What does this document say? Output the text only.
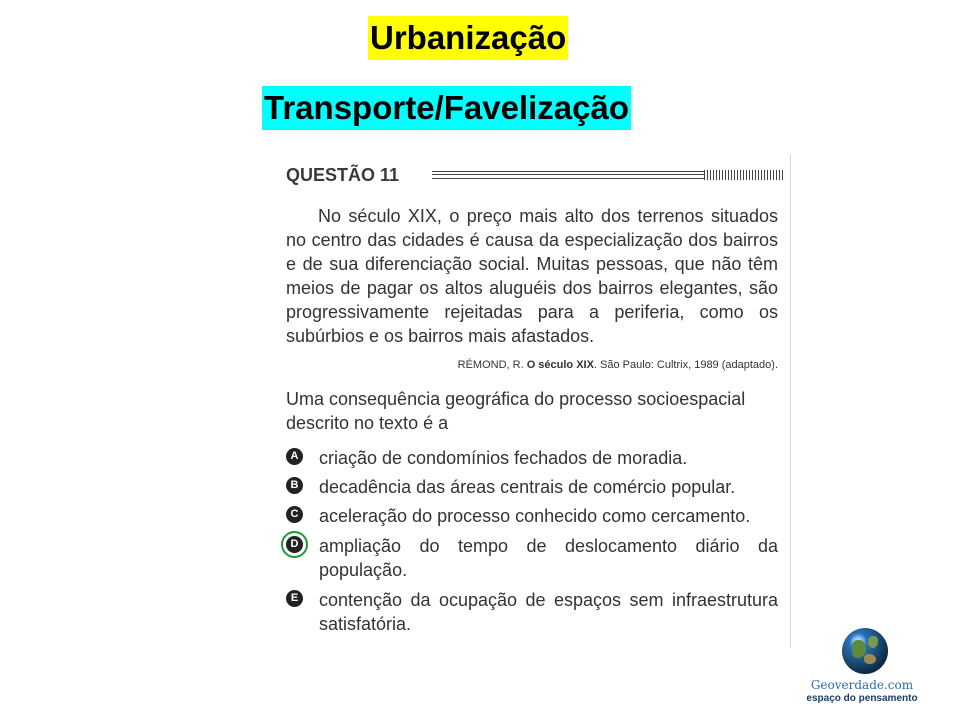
Urbanização
Transporte/Favelização
QUESTÃO 11

No século XIX, o preço mais alto dos terrenos situados no centro das cidades é causa da especialização dos bairros e de sua diferenciação social. Muitas pessoas, que não têm meios de pagar os altos aluguéis dos bairros elegantes, são progressivamente rejeitadas para a periferia, como os subúrbios e os bairros mais afastados.

RÉMOND, R. O século XIX. São Paulo: Cultrix, 1989 (adaptado).

Uma consequência geográfica do processo socioespacial descrito no texto é a

A criação de condomínios fechados de moradia.

B decadência das áreas centrais de comércio popular.

C aceleração do processo conhecido como cercamento.

D ampliação do tempo de deslocamento diário da população.

E contenção da ocupação de espaços sem infraestrutura satisfatória.

Geoverdade.com
espaço do pensamento
